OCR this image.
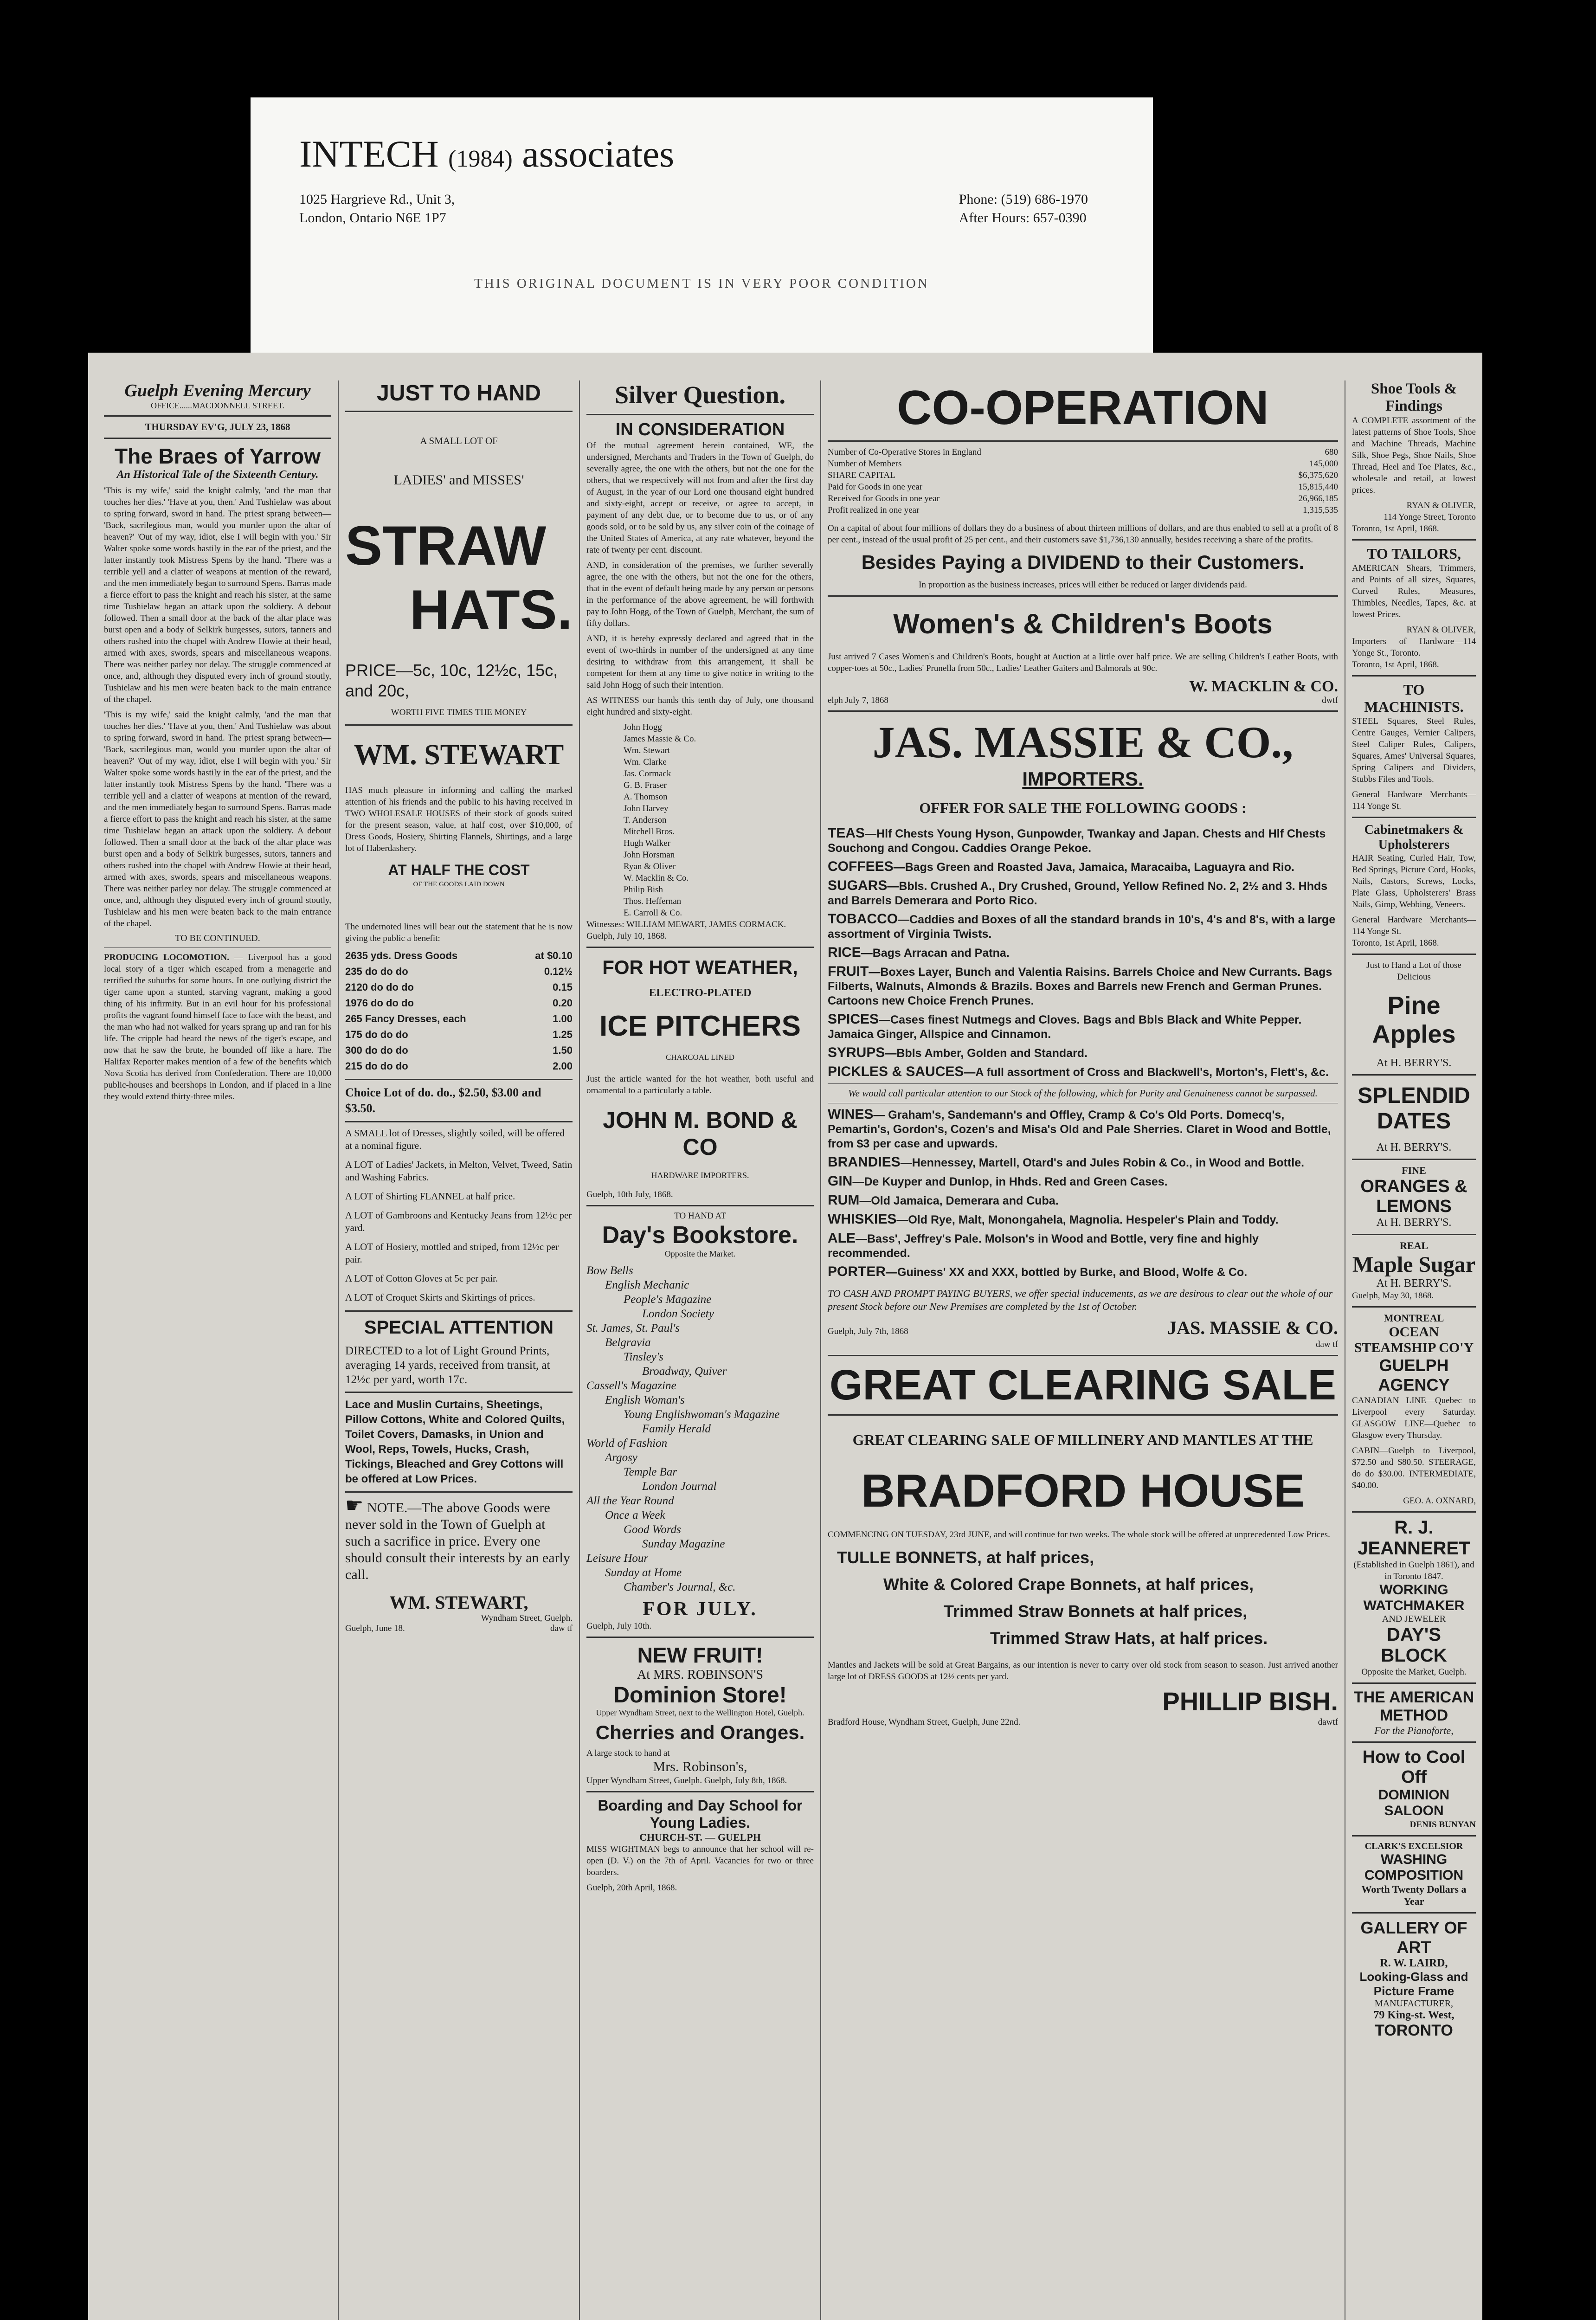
INTECH (1984) associates
1025 Hargrieve Rd., Unit 3,
London, Ontario N6E 1P7
Phone: (519) 686-1970
After Hours: 657-0390
THIS ORIGINAL DOCUMENT IS IN VERY POOR CONDITION
Guelph Evening Mercury
OFFICE......MACDONNELL STREET.
THURSDAY EV'G, JULY 23, 1868
The Braes of Yarrow
An Historical Tale of the Sixteenth Century.

'This is my wife,' said the knight calmly, 'and the man that touches her dies.' 'Have at you, then.' And Tushielaw was about to spring forward, sword in hand. The priest sprang between— 'Back, sacrilegious man, would you murder upon the altar of heaven?' 'Out of my way, idiot, else I will begin with you.' Sir Walter spoke some words hastily in the ear of the priest, and the latter instantly took Mistress Spens by the hand. 'There was a terrible yell and a clatter of weapons at mention of the reward, and the men immediately began to surround Spens. Barras made a fierce effort to pass the knight and reach his sister, at the same time Tushielaw began an attack upon the soldiery. A debout followed. Then a small door at the back of the altar place was burst open and a body of Selkirk burgesses, sutors, tanners and others rushed into the chapel with Andrew Howie at their head, armed with axes, swords, spears and miscellaneous weapons. There was neither parley nor delay. The struggle commenced at once, and, although they disputed every inch of ground stoutly, Tushielaw and his men were beaten back to the main entrance of the chapel.

'This is my wife,' said the knight calmly, 'and the man that touches her dies.' 'Have at you, then.' And Tushielaw was about to spring forward, sword in hand. The priest sprang between— 'Back, sacrilegious man, would you murder upon the altar of heaven?' 'Out of my way, idiot, else I will begin with you.' Sir Walter spoke some words hastily in the ear of the priest, and the latter instantly took Mistress Spens by the hand. 'There was a terrible yell and a clatter of weapons at mention of the reward, and the men immediately began to surround Spens. Barras made a fierce effort to pass the knight and reach his sister, at the same time Tushielaw began an attack upon the soldiery. A debout followed. Then a small door at the back of the altar place was burst open and a body of Selkirk burgesses, sutors, tanners and others rushed into the chapel with Andrew Howie at their head, armed with axes, swords, spears and miscellaneous weapons. There was neither parley nor delay. The struggle commenced at once, and, although they disputed every inch of ground stoutly, Tushielaw and his men were beaten back to the main entrance of the chapel.

TO BE CONTINUED.

PRODUCING LOCOMOTION. — Liverpool has a good local story of a tiger which escaped from a menagerie and terrified the suburbs for some hours. In one outlying district the tiger came upon a stunted, starving vagrant, making a good thing of his infirmity. But in an evil hour for his professional profits the vagrant found himself face to face with the beast, and the man who had not walked for years sprang up and ran for his life. The cripple had heard the news of the tiger's escape, and now that he saw the brute, he bounded off like a hare. The Halifax Reporter makes mention of a few of the benefits which Nova Scotia has derived from Confederation. There are 10,000 public-houses and beershops in London, and if placed in a line they would extend thirty-three miles.

JUST TO HAND
A SMALL LOT OF
LADIES' and MISSES'
STRAW
HATS.
PRICE—5c, 10c, 12½c, 15c, and 20c,
WORTH FIVE TIMES THE MONEY
WM. STEWART

HAS much pleasure in informing and calling the marked attention of his friends and the public to his having received in TWO WHOLESALE HOUSES of their stock of goods suited for the present season, value, at half cost, over $10,000, of Dress Goods, Hosiery, Shirting Flannels, Shirtings, and a large lot of Haberdashery.

AT HALF THE COST
OF THE GOODS LAID DOWN

The undernoted lines will bear out the statement that he is now giving the public a benefit:

2635 yds. Dress Goods	at $0.10
235 do do do	0.12½
2120 do do do	0.15
1976 do do do	0.20
265 Fancy Dresses, each	1.00
175 do do do	1.25
300 do do do	1.50
215 do do do	2.00
Choice Lot of do. do., $2.50, $3.00 and $3.50.

A SMALL lot of Dresses, slightly soiled, will be offered at a nominal figure.

A LOT of Ladies' Jackets, in Melton, Velvet, Tweed, Satin and Washing Fabrics.

A LOT of Shirting FLANNEL at half price.

A LOT of Gambroons and Kentucky Jeans from 12½c per yard.

A LOT of Hosiery, mottled and striped, from 12½c per pair.

A LOT of Cotton Gloves at 5c per pair.

A LOT of Croquet Skirts and Skirtings of prices.

SPECIAL ATTENTION

DIRECTED to a lot of Light Ground Prints, averaging 14 yards, received from transit, at 12½c per yard, worth 17c.

Lace and Muslin Curtains, Sheetings, Pillow Cottons, White and Colored Quilts, Toilet Covers, Damasks, in Union and Wool, Reps, Towels, Hucks, Crash, Tickings, Bleached and Grey Cottons will be offered at Low Prices.

☛ NOTE.—The above Goods were never sold in the Town of Guelph at such a sacrifice in price. Every one should consult their interests by an early call.

WM. STEWART,
Wyndham Street, Guelph.
Guelph, June 18.	daw tf
Silver Question.
IN CONSIDERATION

Of the mutual agreement herein contained, WE, the undersigned, Merchants and Traders in the Town of Guelph, do severally agree, the one with the others, but not the one for the others, that we respectively will not from and after the first day of August, in the year of our Lord one thousand eight hundred and sixty-eight, accept or receive, or agree to accept, in payment of any debt due, or to become due to us, or of any goods sold, or to be sold by us, any silver coin of the coinage of the United States of America, at any rate whatever, beyond the rate of twenty per cent. discount.

AND, in consideration of the premises, we further severally agree, the one with the others, but not the one for the others, that in the event of default being made by any person or persons in the performance of the above agreement, he will forthwith pay to John Hogg, of the Town of Guelph, Merchant, the sum of fifty dollars.

AND, it is hereby expressly declared and agreed that in the event of two-thirds in number of the undersigned at any time desiring to withdraw from this arrangement, it shall be competent for them at any time to give notice in writing to the said John Hogg of such their intention.

AS WITNESS our hands this tenth day of July, one thousand eight hundred and sixty-eight.

John Hogg
James Massie & Co.
Wm. Stewart
Wm. Clarke
Jas. Cormack
G. B. Fraser
A. Thomson
John Harvey
T. Anderson
Mitchell Bros.
Hugh Walker
John Horsman
Ryan & Oliver
W. Macklin & Co.
Philip Bish
Thos. Heffernan
E. Carroll & Co.
Witnesses: WILLIAM MEWART, JAMES CORMACK.
Guelph, July 10, 1868.
FOR HOT WEATHER,
ELECTRO-PLATED
ICE PITCHERS
CHARCOAL LINED

Just the article wanted for the hot weather, both useful and ornamental to a particularly a table.

JOHN M. BOND & CO
HARDWARE IMPORTERS.
Guelph, 10th July, 1868.
TO HAND AT
Day's Bookstore.
Opposite the Market.
Bow Bells
English Mechanic
People's Magazine
London Society
St. James, St. Paul's
Belgravia
Tinsley's
Broadway, Quiver
Cassell's Magazine
English Woman's
Young Englishwoman's Magazine
Family Herald
World of Fashion
Argosy
Temple Bar
London Journal
All the Year Round
Once a Week
Good Words
Sunday Magazine
Leisure Hour
Sunday at Home
Chamber's Journal, &c.
FOR JULY.
Guelph, July 10th.
NEW FRUIT!
At MRS. ROBINSON'S
Dominion Store!
Upper Wyndham Street, next to the Wellington Hotel, Guelph.
Cherries and Oranges.
A large stock to hand at
Mrs. Robinson's,
Upper Wyndham Street, Guelph. Guelph, July 8th, 1868.
Boarding and Day School for Young Ladies.
CHURCH-ST. — GUELPH

MISS WIGHTMAN begs to announce that her school will re-open (D. V.) on the 7th of April. Vacancies for two or three boarders.

Guelph, 20th April, 1868.
CO-OPERATION
Number of Co-Operative Stores in England	680
Number of Members	145,000
SHARE CAPITAL	$6,375,620
Paid for Goods in one year	15,815,440
Received for Goods in one year	26,966,185
Profit realized in one year	1,315,535

On a capital of about four millions of dollars they do a business of about thirteen millions of dollars, and are thus enabled to sell at a profit of 8 per cent., instead of the usual profit of 25 per cent., and their customers save $1,736,130 annually, besides receiving a share of the profits.

Besides Paying a DIVIDEND to their Customers.
In proportion as the business increases, prices will either be reduced or larger dividends paid.
Women's & Children's Boots

Just arrived 7 Cases Women's and Children's Boots, bought at Auction at a little over half price. We are selling Children's Leather Boots, with copper-toes at 50c., Ladies' Prunella from 50c., Ladies' Leather Gaiters and Balmorals at 90c.

W. MACKLIN & CO.
elph July 7, 1868	dwtf
JAS. MASSIE & CO.,
IMPORTERS.
OFFER FOR SALE THE FOLLOWING GOODS :

TEAS—Hlf Chests Young Hyson, Gunpowder, Twankay and Japan. Chests and Hlf Chests Souchong and Congou. Caddies Orange Pekoe.

COFFEES—Bags Green and Roasted Java, Jamaica, Maracaiba, Laguayra and Rio.

SUGARS—Bbls. Crushed A., Dry Crushed, Ground, Yellow Refined No. 2, 2½ and 3. Hhds and Barrels Demerara and Porto Rico.

TOBACCO—Caddies and Boxes of all the standard brands in 10's, 4's and 8's, with a large assortment of Virginia Twists.

RICE—Bags Arracan and Patna.

FRUIT—Boxes Layer, Bunch and Valentia Raisins. Barrels Choice and New Currants. Bags Filberts, Walnuts, Almonds & Brazils. Boxes and Barrels new French and German Prunes. Cartoons new Choice French Prunes.

SPICES—Cases finest Nutmegs and Cloves. Bags and Bbls Black and White Pepper. Jamaica Ginger, Allspice and Cinnamon.

SYRUPS—Bbls Amber, Golden and Standard.

PICKLES & SAUCES—A full assortment of Cross and Blackwell's, Morton's, Flett's, &c.

We would call particular attention to our Stock of the following, which for Purity and Genuineness cannot be surpassed.

WINES— Graham's, Sandemann's and Offley, Cramp & Co's Old Ports. Domecq's, Pemartin's, Gordon's, Cozen's and Misa's Old and Pale Sherries. Claret in Wood and Bottle, from $3 per case and upwards.

BRANDIES—Hennessey, Martell, Otard's and Jules Robin & Co., in Wood and Bottle.

GIN—De Kuyper and Dunlop, in Hhds. Red and Green Cases.

RUM—Old Jamaica, Demerara and Cuba.

WHISKIES—Old Rye, Malt, Monongahela, Magnolia. Hespeler's Plain and Toddy.

ALE—Bass', Jeffrey's Pale. Molson's in Wood and Bottle, very fine and highly recommended.

PORTER—Guiness' XX and XXX, bottled by Burke, and Blood, Wolfe & Co.

TO CASH AND PROMPT PAYING BUYERS, we offer special inducements, as we are desirous to clear out the whole of our present Stock before our New Premises are completed by the 1st of October.

Guelph, July 7th, 1868	JAS. MASSIE & CO.
daw tf
GREAT CLEARING SALE
GREAT CLEARING SALE OF MILLINERY AND MANTLES AT THE
BRADFORD HOUSE

COMMENCING ON TUESDAY, 23rd JUNE, and will continue for two weeks. The whole stock will be offered at unprecedented Low Prices.

TULLE BONNETS, at half prices,
White & Colored Crape Bonnets, at half prices,
Trimmed Straw Bonnets at half prices,
Trimmed Straw Hats, at half prices.

Mantles and Jackets will be sold at Great Bargains, as our intention is never to carry over old stock from season to season. Just arrived another large lot of DRESS GOODS at 12½ cents per yard.

PHILLIP BISH.
Bradford House, Wyndham Street, Guelph, June 22nd.	dawtf
Shoe Tools & Findings

A COMPLETE assortment of the latest patterns of Shoe Tools, Shoe and Machine Threads, Machine Silk, Shoe Pegs, Shoe Nails, Shoe Thread, Heel and Toe Plates, &c., wholesale and retail, at lowest prices.

RYAN & OLIVER,
114 Yonge Street, Toronto
Toronto, 1st April, 1868.
TO TAILORS,

AMERICAN Shears, Trimmers, and Points of all sizes, Squares, Curved Rules, Measures, Thimbles, Needles, Tapes, &c. at lowest Prices.

RYAN & OLIVER,
Importers of Hardware—114 Yonge St., Toronto.
Toronto, 1st April, 1868.
TO MACHINISTS.

STEEL Squares, Steel Rules, Centre Gauges, Vernier Calipers, Steel Caliper Rules, Calipers, Squares, Ames' Universal Squares, Spring Calipers and Dividers, Stubbs Files and Tools.

General Hardware Merchants—114 Yonge St.
Cabinetmakers & Upholsterers

HAIR Seating, Curled Hair, Tow, Bed Springs, Picture Cord, Hooks, Nails, Castors, Screws, Locks, Plate Glass, Upholsterers' Brass Nails, Gimp, Webbing, Veneers.

General Hardware Merchants—114 Yonge St.
Toronto, 1st April, 1868.
Just to Hand a Lot of those Delicious
Pine Apples
At H. BERRY'S.
SPLENDID DATES
At H. BERRY'S.
FINE
ORANGES & LEMONS
At H. BERRY'S.
REAL
Maple Sugar
At H. BERRY'S.
Guelph, May 30, 1868.
MONTREAL
OCEAN STEAMSHIP CO'Y
GUELPH AGENCY

CANADIAN LINE—Quebec to Liverpool every Saturday. GLASGOW LINE—Quebec to Glasgow every Thursday.

CABIN—Guelph to Liverpool, $72.50 and $80.50. STEERAGE, do do $30.00. INTERMEDIATE, $40.00.

GEO. A. OXNARD,
R. J. JEANNERET
(Established in Guelph 1861), and in Toronto 1847.
WORKING WATCHMAKER
AND JEWELER
DAY'S BLOCK
Opposite the Market, Guelph.
THE AMERICAN METHOD
For the Pianoforte,
How to Cool Off
DOMINION SALOON
DENIS BUNYAN
CLARK'S EXCELSIOR
WASHING COMPOSITION
Worth Twenty Dollars a Year
GALLERY OF ART
R. W. LAIRD,
Looking-Glass and Picture Frame
MANUFACTURER,
79 King-st. West,
TORONTO
